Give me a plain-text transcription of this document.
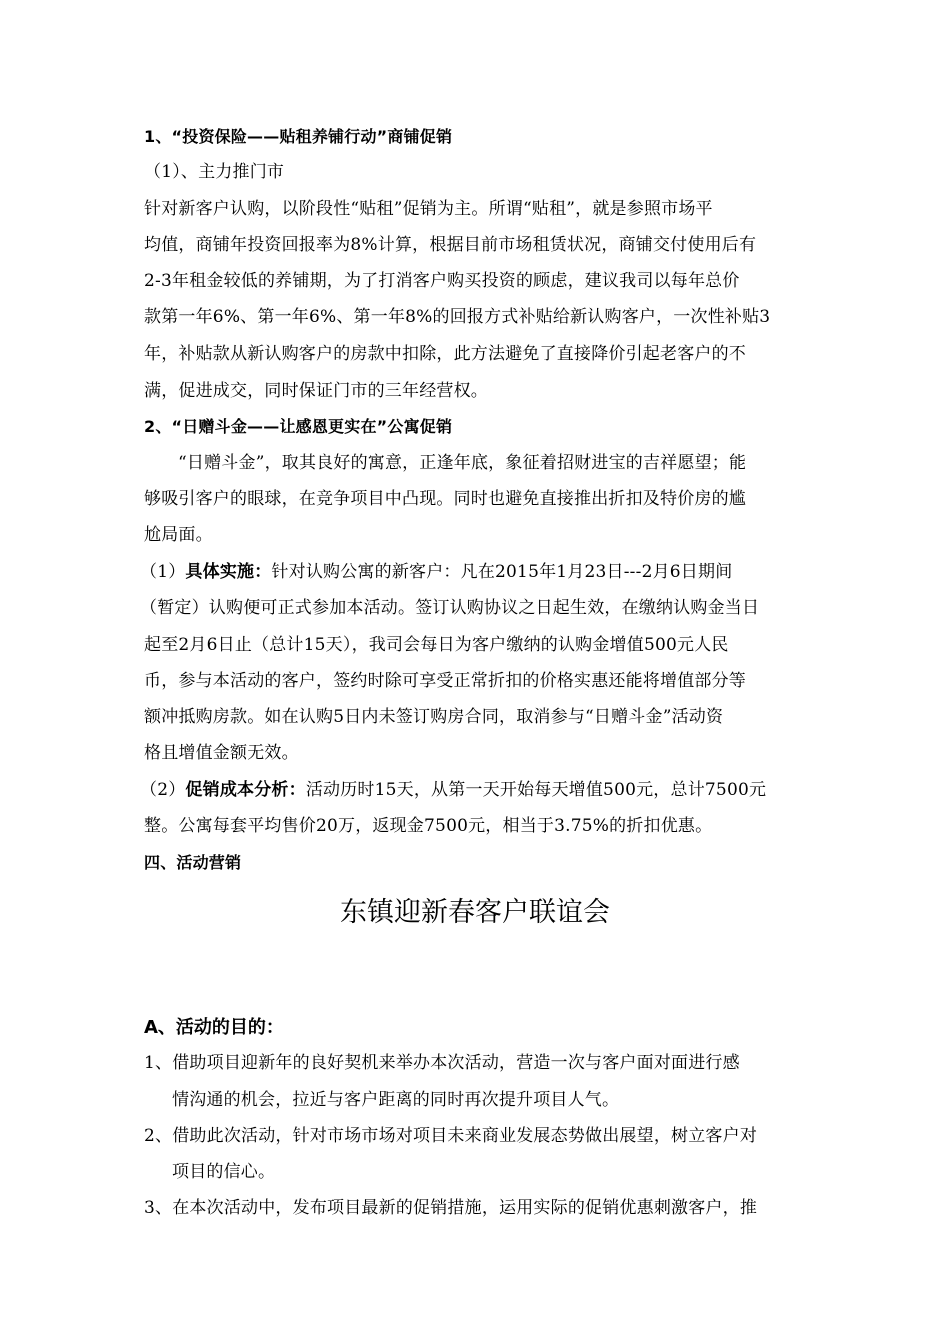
1、“投资保险——贴租养铺行动”商铺促销
（1）、主力推门市
针对新客户认购，以阶段性“贴租”促销为主。所谓“贴租”，就是参照市场平
均值，商铺年投资回报率为8%计算，根据目前市场租赁状况，商铺交付使用后有
2-3年租金较低的养铺期，为了打消客户购买投资的顾虑，建议我司以每年总价
款第一年6%、第一年6%、第一年8%的回报方式补贴给新认购客户，一次性补贴3
年，补贴款从新认购客户的房款中扣除，此方法避免了直接降价引起老客户的不
满，促进成交，同时保证门市的三年经营权。
2、“日赠斗金——让感恩更实在”公寓促销
“日赠斗金”，取其良好的寓意，正逢年底，象征着招财进宝的吉祥愿望；能
够吸引客户的眼球，在竞争项目中凸现。同时也避免直接推出折扣及特价房的尴
尬局面。
（1）具体实施：针对认购公寓的新客户：凡在2015年1月23日---2月6日期间
（暂定）认购便可正式参加本活动。签订认购协议之日起生效，在缴纳认购金当日
起至2月6日止（总计15天），我司会每日为客户缴纳的认购金增值500元人民
币，参与本活动的客户，签约时除可享受正常折扣的价格实惠还能将增值部分等
额冲抵购房款。如在认购5日内未签订购房合同，取消参与“日赠斗金”活动资
格且增值金额无效。
（2）促销成本分析：活动历时15天，从第一天开始每天增值500元，总计7500元
整。公寓每套平均售价20万，返现金7500元，相当于3.75%的折扣优惠。
四、活动营销
东镇迎新春客户联谊会
A、活动的目的：
1、借助项目迎新年的良好契机来举办本次活动，营造一次与客户面对面进行感
情沟通的机会，拉近与客户距离的同时再次提升项目人气。
2、借助此次活动，针对市场市场对项目未来商业发展态势做出展望，树立客户对
项目的信心。
3、在本次活动中，发布项目最新的促销措施，运用实际的促销优惠刺激客户，推
